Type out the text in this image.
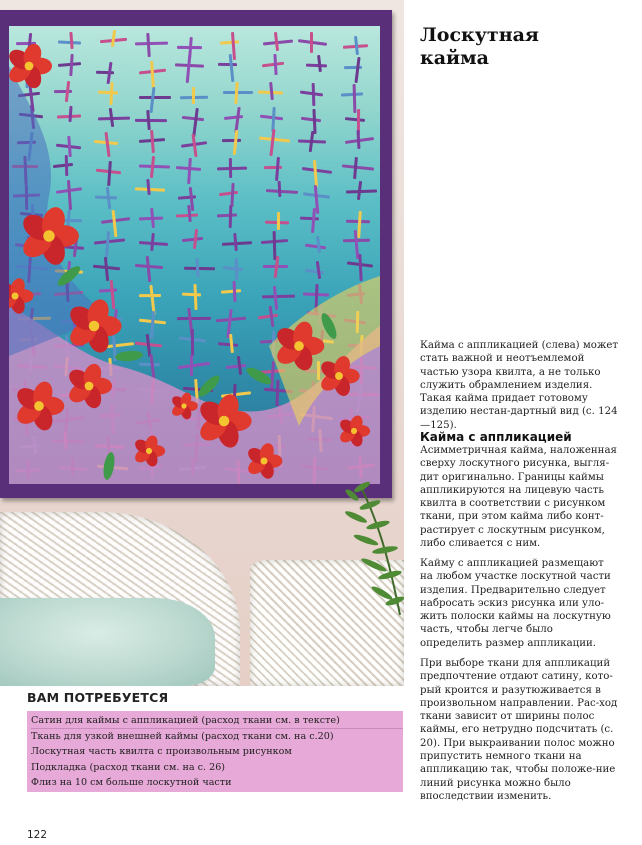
Лоскутная
кайма

Кайма с аппликацией (слева) может стать важной и неотъемлемой частью узора квилта, а не только служить обрамлением изделия. Такая кайма придает готовому изделию нестан-дартный вид (с. 124—125).

Кайма с аппликацией

Асимметричная кайма, наложенная сверху лоскутного рисунка, выгля-дит оригинально. Границы каймы аппликируются на лицевую часть квилта в соответствии с рисунком ткани, при этом кайма либо конт-растирует с лоскутным рисунком, либо сливается с ним.

Кайму с аппликацией размещают на любом участке лоскутной части изделия. Предварительно следует набросать эскиз рисунка или уло-жить полоски каймы на лоскутную часть, чтобы легче было определить размер аппликации.

При выборе ткани для аппликаций предпочтение отдают сатину, кото-рый кроится и разутюживается в произвольном направлении. Рас-ход ткани зависит от ширины полос каймы, его нетрудно подсчитать (с. 20). При выкраивании полос можно припустить немного ткани на аппликацию так, чтобы положе-ние линий рисунка можно было впоследствии изменить.

ВАМ ПОТРЕБУЕТСЯ
Сатин для каймы с аппликацией (расход ткани см. в тексте)
Ткань для узкой внешней каймы (расход ткани см. на с.20)
Лоскутная часть квилта с произвольным рисунком
Подкладка (расход ткани см. на с. 26)
Флиз на 10 см больше лоскутной части
122
